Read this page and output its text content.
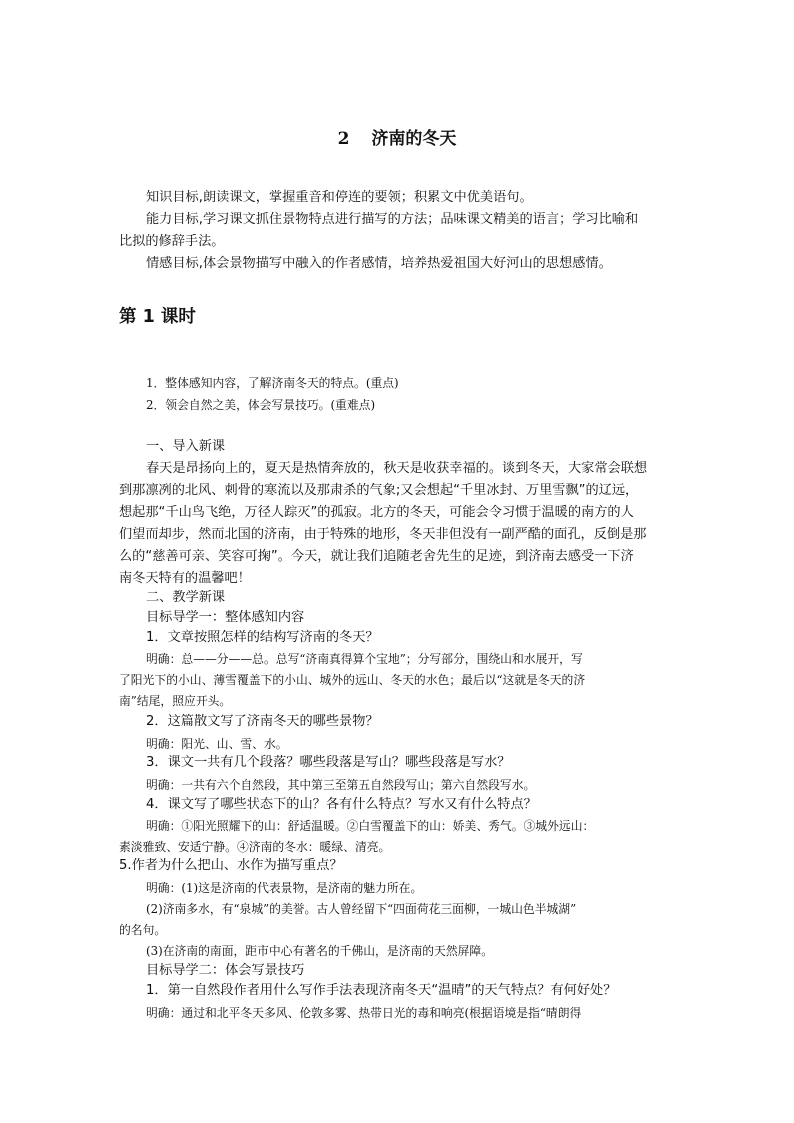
2 济南的冬天

知识目标,朗读课文，掌握重音和停连的要领；积累文中优美语句。

能力目标,学习课文抓住景物特点进行描写的方法；品味课文精美的语言；学习比喻和

比拟的修辞手法。

情感目标,体会景物描写中融入的作者感情，培养热爱祖国大好河山的思想感情。

第 1 课时

1．整体感知内容，了解济南冬天的特点。(重点)

2．领会自然之美，体会写景技巧。(重难点)

一、导入新课

春天是昂扬向上的，夏天是热情奔放的，秋天是收获幸福的。谈到冬天，大家常会联想

到那凛冽的北风、刺骨的寒流以及那肃杀的气象;又会想起“千里冰封、万里雪飘”的辽远，

想起那“千山鸟飞绝，万径人踪灭”的孤寂。北方的冬天，可能会令习惯于温暖的南方的人

们望而却步，然而北国的济南，由于特殊的地形，冬天非但没有一副严酷的面孔，反倒是那

么的“慈善可亲、笑容可掬”。今天，就让我们追随老舍先生的足迹，到济南去感受一下济

南冬天特有的温馨吧！

二、教学新课

目标导学一：整体感知内容

1．文章按照怎样的结构写济南的冬天？

明确：总——分——总。总写“济南真得算个宝地”；分写部分，围绕山和水展开，写

了阳光下的小山、薄雪覆盖下的小山、城外的远山、冬天的水色；最后以“这就是冬天的济

南”结尾，照应开头。

2．这篇散文写了济南冬天的哪些景物？

明确：阳光、山、雪、水。

3．课文一共有几个段落？哪些段落是写山？哪些段落是写水？

明确：一共有六个自然段，其中第三至第五自然段写山；第六自然段写水。

4．课文写了哪些状态下的山？各有什么特点？写水又有什么特点？

明确：①阳光照耀下的山：舒适温暖。②白雪覆盖下的山：娇美、秀气。③城外远山：

素淡雅致、安适宁静。④济南的冬水：暖绿、清亮。

5.作者为什么把山、水作为描写重点？

明确：(1)这是济南的代表景物，是济南的魅力所在。

(2)济南多水，有“泉城”的美誉。古人曾经留下“四面荷花三面柳，一城山色半城湖”

的名句。

(3)在济南的南面，距市中心有著名的千佛山，是济南的天然屏障。

目标导学二：体会写景技巧

1．第一自然段作者用什么写作手法表现济南冬天“温晴”的天气特点？有何好处？

明确：通过和北平冬天多风、伦敦多雾、热带日光的毒和响亮(根据语境是指“晴朗得
